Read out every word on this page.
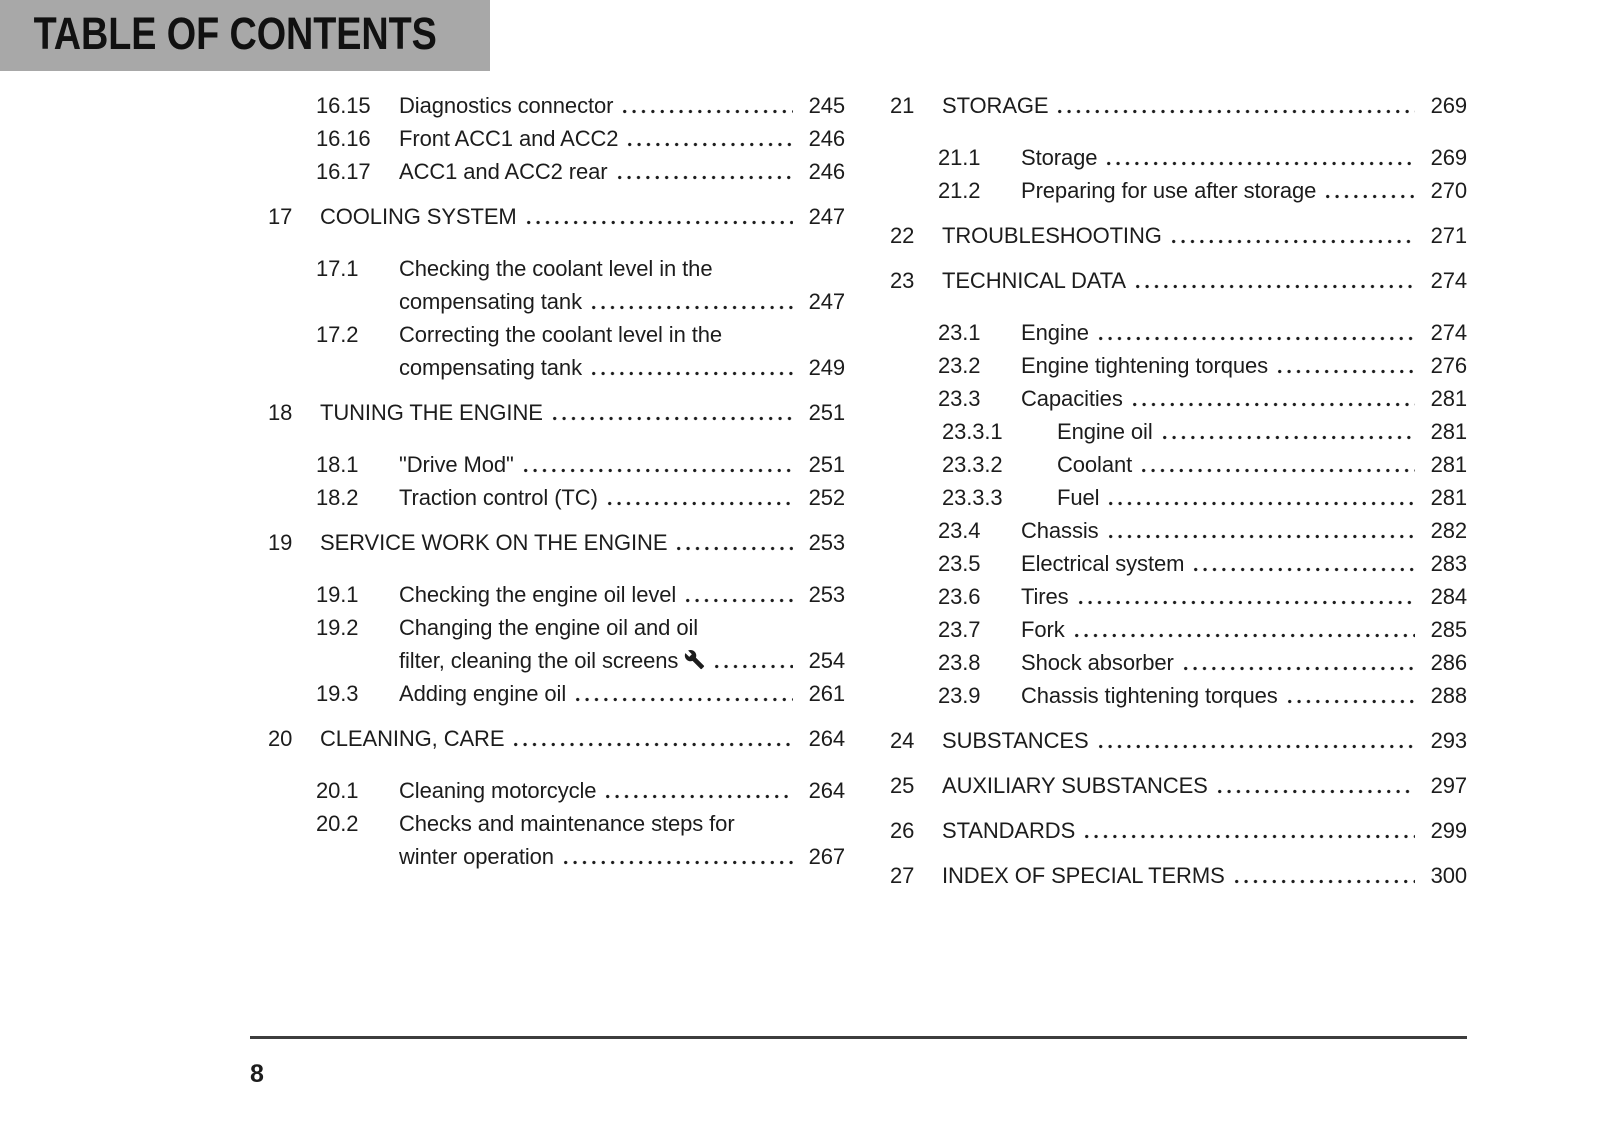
TABLE OF CONTENTS
16.15	Diagnostics connector	245
16.16	Front ACC1 and ACC2	246
16.17	ACC1 and ACC2 rear	246
17	COOLING SYSTEM	247
17.1	Checking the coolant level in the
compensating tank	247
17.2	Correcting the coolant level in the
compensating tank	249
18	TUNING THE ENGINE	251
18.1	"Drive Mod"	251
18.2	Traction control (TC)	252
19	SERVICE WORK ON THE ENGINE	253
19.1	Checking the engine oil level	253
19.2	Changing the engine oil and oil
filter, cleaning the oil screens	254
19.3	Adding engine oil	261
20	CLEANING, CARE	264
20.1	Cleaning motorcycle	264
20.2	Checks and maintenance steps for
winter operation	267
21	STORAGE	269
21.1	Storage	269
21.2	Preparing for use after storage	270
22	TROUBLESHOOTING	271
23	TECHNICAL DATA	274
23.1	Engine	274
23.2	Engine tightening torques	276
23.3	Capacities	281
23.3.1	Engine oil	281
23.3.2	Coolant	281
23.3.3	Fuel	281
23.4	Chassis	282
23.5	Electrical system	283
23.6	Tires	284
23.7	Fork	285
23.8	Shock absorber	286
23.9	Chassis tightening torques	288
24	SUBSTANCES	293
25	AUXILIARY SUBSTANCES	297
26	STANDARDS	299
27	INDEX OF SPECIAL TERMS	300
8
